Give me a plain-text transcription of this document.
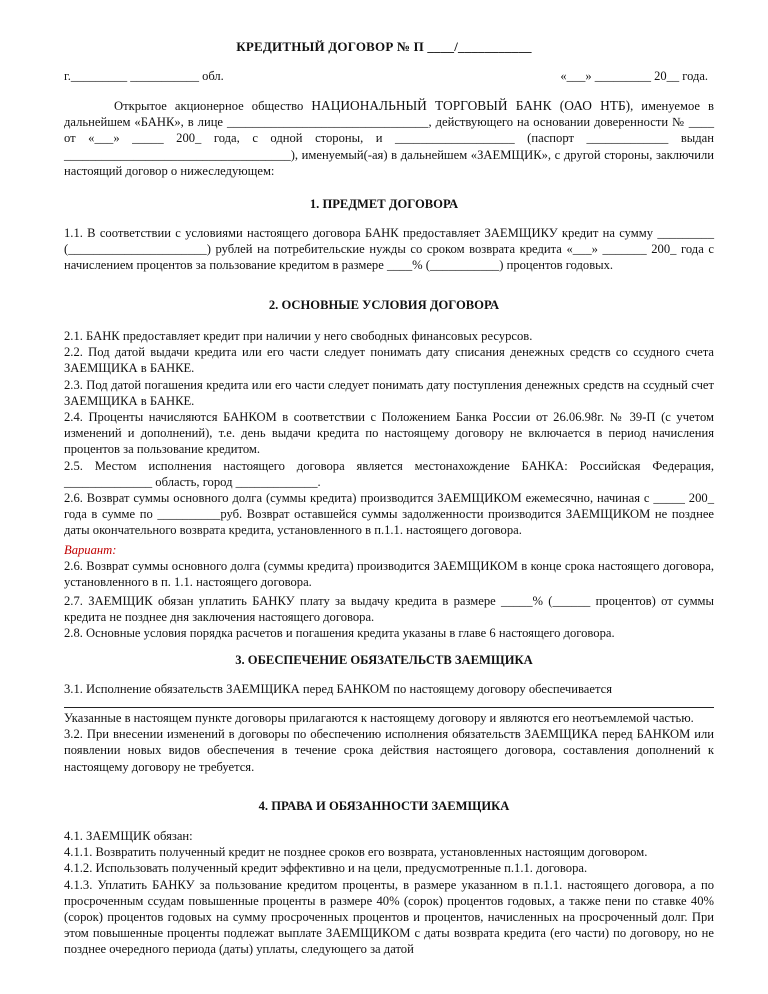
КРЕДИТНЫЙ ДОГОВОР № П ____/___________
г._________ ___________ обл.	«___» _________ 20__ года.
Открытое акционерное общество НАЦИОНАЛЬНЫЙ ТОРГОВЫЙ БАНК (ОАО НТБ), именуемое в дальнейшем «БАНК», в лице ________________________________, действующего на основании доверенности № ____ от «___» _____ 200_ года, с одной стороны, и ___________________ (паспорт _____________ выдан ____________________________________), именуемый(-ая) в дальнейшем «ЗАЕМЩИК», с другой стороны, заключили настоящий договор о нижеследующем:
1. ПРЕДМЕТ ДОГОВОРА

1.1. В соответствии с условиями настоящего договора БАНК предоставляет ЗАЕМЩИКУ кредит на сумму _________ (______________________) рублей на потребительские нужды со сроком возврата кредита «___» _______ 200_ года с начислением процентов за пользование кредитом в размере ____% (___________) процентов годовых.

2. ОСНОВНЫЕ УСЛОВИЯ ДОГОВОРА

2.1. БАНК предоставляет кредит при наличии у него свободных финансовых ресурсов.

2.2. Под датой выдачи кредита или его части следует понимать дату списания денежных средств со ссудного счета ЗАЕМЩИКА в БАНКЕ.

2.3. Под датой погашения кредита или его части следует понимать дату поступления денежных средств на ссудный счет ЗАЕМЩИКА в БАНКЕ.

2.4. Проценты начисляются БАНКОМ в соответствии с Положением Банка России от 26.06.98г. № 39-П (с учетом изменений и дополнений), т.е. день выдачи кредита по настоящему договору не включается в период начисления процентов за пользование кредитом.

2.5. Местом исполнения настоящего договора является местонахождение БАНКА: Российская Федерация, ______________ область, город _____________.

2.6. Возврат суммы основного долга (суммы кредита) производится ЗАЕМЩИКОМ ежемесячно, начиная с _____ 200_ года в сумме по __________руб. Возврат оставшейся суммы задолженности производится ЗАЕМЩИКОМ не позднее даты окончательного возврата кредита, установленного в п.1.1. настоящего договора.

Вариант:

2.6. Возврат суммы основного долга (суммы кредита) производится ЗАЕМЩИКОМ в конце срока настоящего договора, установленного в п. 1.1. настоящего договора.

2.7. ЗАЕМЩИК обязан уплатить БАНКУ плату за выдачу кредита в размере _____% (______ процентов) от суммы кредита не позднее дня заключения настоящего договора.

2.8. Основные условия порядка расчетов и погашения кредита указаны в главе 6 настоящего договора.

3. ОБЕСПЕЧЕНИЕ ОБЯЗАТЕЛЬСТВ ЗАЕМЩИКА

3.1. Исполнение обязательств ЗАЕМЩИКА перед БАНКОМ по настоящему договору обеспечивается

Указанные в настоящем пункте договоры прилагаются к настоящему договору и являются его неотъемлемой частью.

3.2. При внесении изменений в договоры по обеспечению исполнения обязательств ЗАЕМЩИКА перед БАНКОМ или появлении новых видов обеспечения в течение срока действия настоящего договора, составления дополнений к настоящему договору не требуется.

4. ПРАВА И ОБЯЗАННОСТИ ЗАЕМЩИКА

4.1. ЗАЕМЩИК обязан:

4.1.1. Возвратить полученный кредит не позднее сроков его возврата, установленных настоящим договором.

4.1.2. Использовать полученный кредит эффективно и на цели, предусмотренные п.1.1. договора.

4.1.3. Уплатить БАНКУ за пользование кредитом проценты, в размере указанном в п.1.1. настоящего договора, а по просроченным ссудам повышенные проценты в размере 40% (сорок) процентов годовых, а также пени по ставке 40% (сорок) процентов годовых на сумму просроченных процентов и процентов, начисленных на просроченный долг. При этом повышенные проценты подлежат выплате ЗАЕМЩИКОМ с даты возврата кредита (его части) по договору, но не позднее очередного периода (даты) уплаты, следующего за датой
